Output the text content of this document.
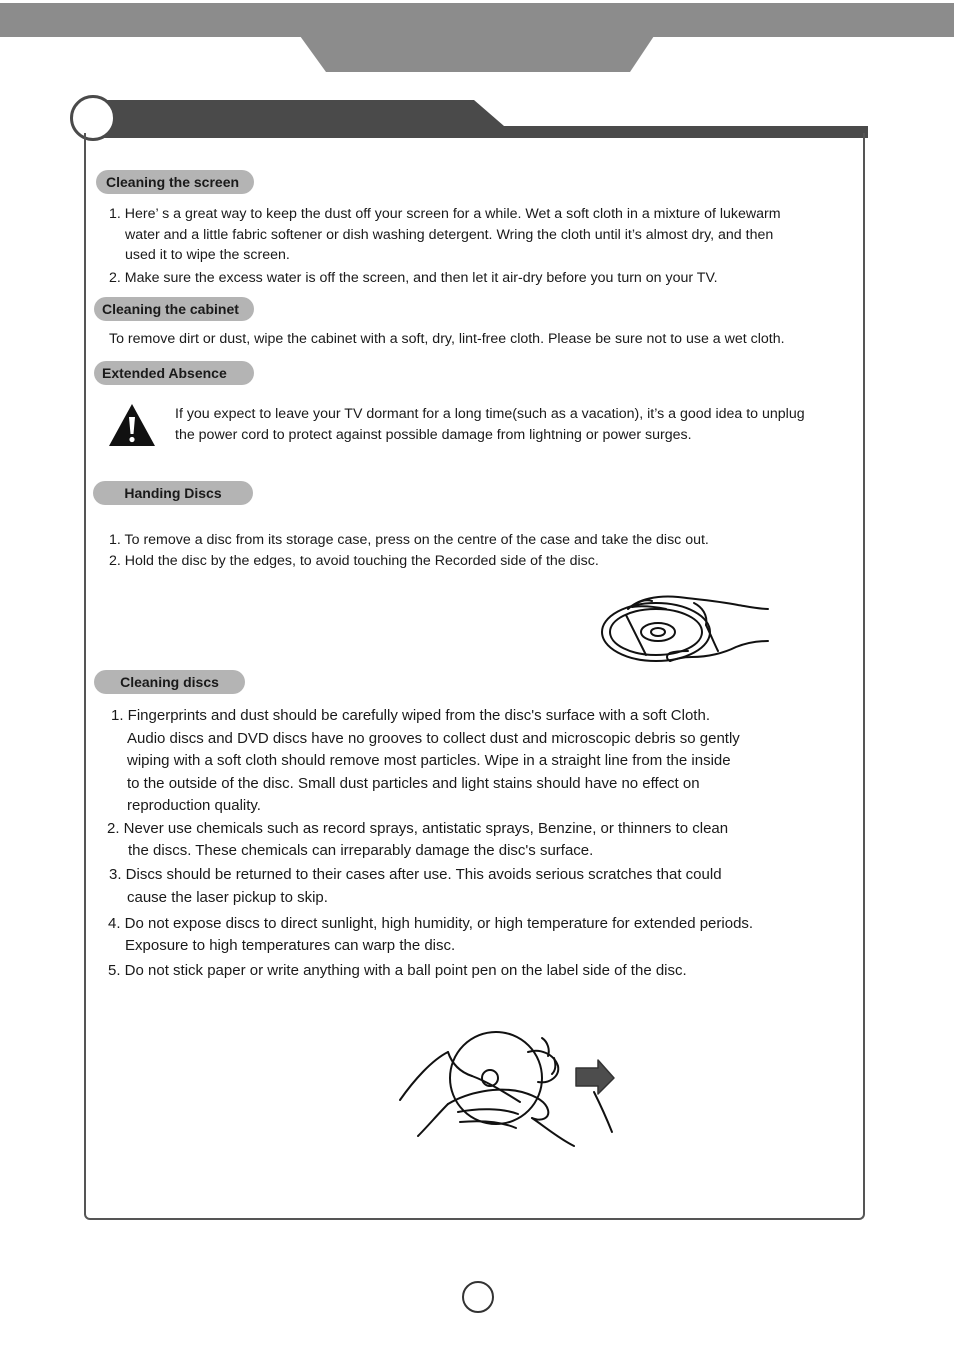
Cleaning the screen
1. Here’ s a great way to keep the dust off your screen for a while. Wet a soft cloth in a mixture of lukewarm
water and a little fabric softener or dish washing detergent. Wring the cloth until it’s almost dry, and then
used it to wipe the screen.
2. Make sure the excess water is off the screen, and then let it air-dry before you turn on your TV.
Cleaning the cabinet
To remove dirt or dust, wipe the cabinet with a soft, dry, lint-free cloth. Please be sure not to use a wet cloth.
Extended Absence
If you expect to leave your TV dormant for a long time(such as a vacation), it’s a good idea to unplug
the power cord to protect against possible damage from lightning or power surges.
Handing Discs
1. To remove a disc from its storage case, press on the centre of the case and take the disc out.
2. Hold the disc by the edges, to avoid touching the Recorded side of the disc.
Cleaning discs
1. Fingerprints and dust should be carefully wiped from the disc's surface with a soft Cloth.
Audio discs and DVD discs have no grooves to collect dust and microscopic debris so gently
wiping with a soft cloth should remove most particles. Wipe in a straight line from the inside
to the outside of the disc. Small dust particles and light stains should have no effect on
reproduction quality.
2. Never use chemicals such as record sprays, antistatic sprays, Benzine, or thinners to clean
the discs. These chemicals can irreparably damage the disc's surface.
3. Discs should be returned to their cases after use. This avoids serious scratches that could
cause the laser pickup to skip.
4. Do not expose discs to direct sunlight, high humidity, or high temperature for extended periods.
Exposure to high temperatures can warp the disc.
5. Do not stick paper or write anything with a ball point pen on the label side of the disc.
